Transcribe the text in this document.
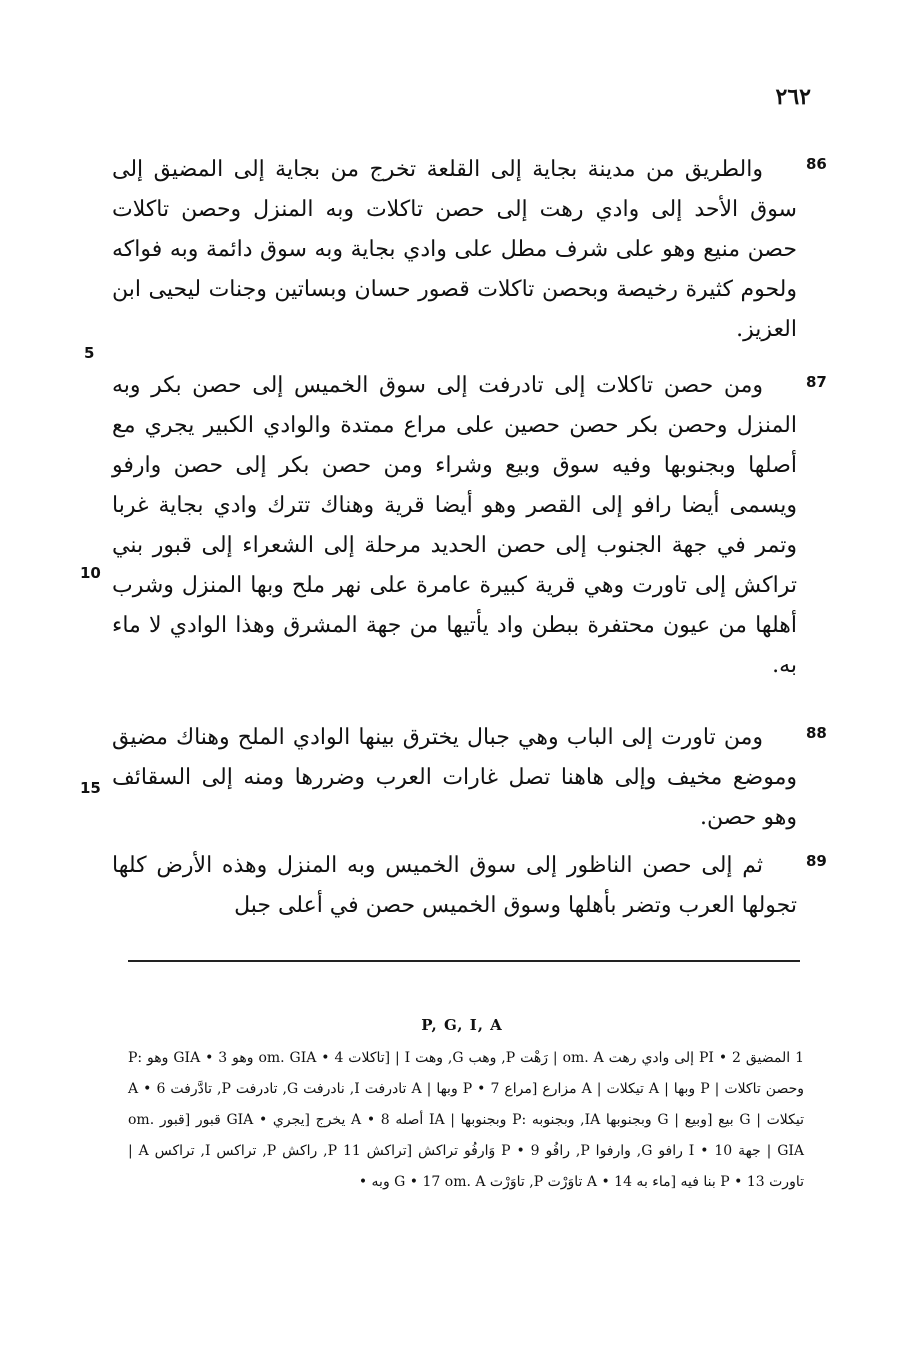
٢٦٢
86
والطريق من مدينة بجاية إلى القلعة تخرج من بجاية إلى المضيق إلى سوق الأحد إلى وادي رهت إلى حصن تاكلات وبه المنزل وحصن تاكلات حصن منيع وهو على شرف مطل على وادي بجاية وبه سوق دائمة وبه فواكه ولحوم كثيرة رخيصة وبحصن تاكلات قصور حسان وبساتين وجنات ليحيى ابن العزيز.
5
87
ومن حصن تاكلات إلى تادرفت إلى سوق الخميس إلى حصن بكر وبه المنزل وحصن بكر حصن حصين على مراع ممتدة والوادي الكبير يجري مع أصلها وبجنوبها وفيه سوق وبيع وشراء ومن حصن بكر إلى حصن وارفو ويسمى أيضا رافو إلى القصر وهو أيضا قرية وهناك تترك وادي بجاية غربا وتمر في جهة الجنوب إلى حصن الحديد مرحلة إلى الشعراء إلى قبور بني تراكش إلى تاورت وهي قرية كبيرة عامرة على نهر ملح وبها المنزل وشرب أهلها من عيون محتفرة ببطن واد يأتيها من جهة المشرق وهذا الوادي لا ماء به.
10
88
ومن تاورت إلى الباب وهي جبال يخترق بينها الوادي الملح وهناك مضيق وموضع مخيف وإلى هاهنا تصل غارات العرب وضررها ومنه إلى السقائف وهو حصن.
15
89
ثم إلى حصن الناظور إلى سوق الخميس وبه المنزل وهذه الأرض كلها تجولها العرب وتضر بأهلها وسوق الخميس حصن في أعلى جبل
P, G, I, A
1 المضيق PI • 2 إلى وادي رهت om. A | رَهْت P, وهب G, وهت I | [تاكلات 4 • om. GIA وهو 3 • GIA وهو :P وحصن تاكلات | P وبها | A تيكلات | A مزارع [مراع 7 • P وبها | A تادرفت I, نادرفت G, تادرفت P, تادَّرفت 6 • A تيكلات | G بيع [وبيع | G وبجنوبها IA, وبجنوبه :P وبجنوبها | IA أصله 8 • A يخرج [يجري • GIA قبور [قبور om. GIA | جهة 10 • I رافو G, وارفوا P, رافُو 9 • P وَارفُو تراكش [تراكش 11 P, راكش P, تراكس I, تراكس A | تاورت P • 13 بنا فيه [ماء به A • 14 تاوَرْت P, تاوَرْت G • 17 om. A وبه •
